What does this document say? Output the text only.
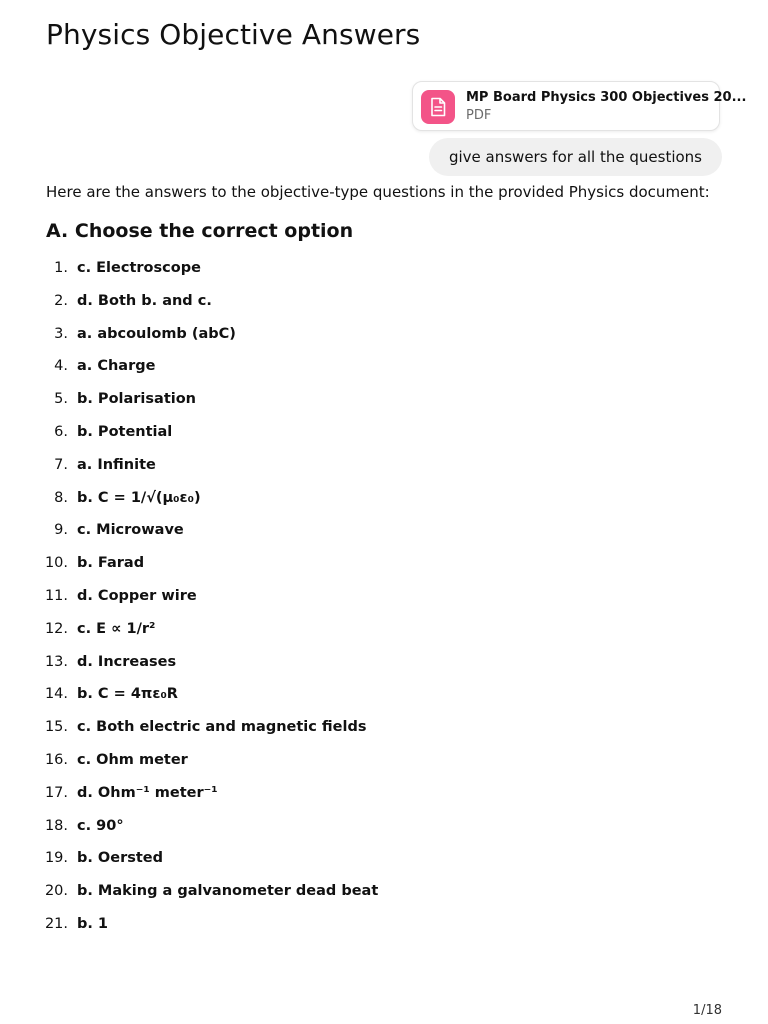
Physics Objective Answers
MP Board Physics 300 Objectives 20...
PDF
give answers for all the questions

Here are the answers to the objective-type questions in the provided Physics document:

A. Choose the correct option
1. c. Electroscope
2. d. Both b. and c.
3. a. abcoulomb (abC)
4. a. Charge
5. b. Polarisation
6. b. Potential
7. a. Infinite
8. b. C = 1/√(μ₀ε₀)
9. c. Microwave
10. b. Farad
11. d. Copper wire
12. c. E ∝ 1/r²
13. d. Increases
14. b. C = 4πε₀R
15. c. Both electric and magnetic fields
16. c. Ohm meter
17. d. Ohm⁻¹ meter⁻¹
18. c. 90°
19. b. Oersted
20. b. Making a galvanometer dead beat
21. b. 1
1/18
